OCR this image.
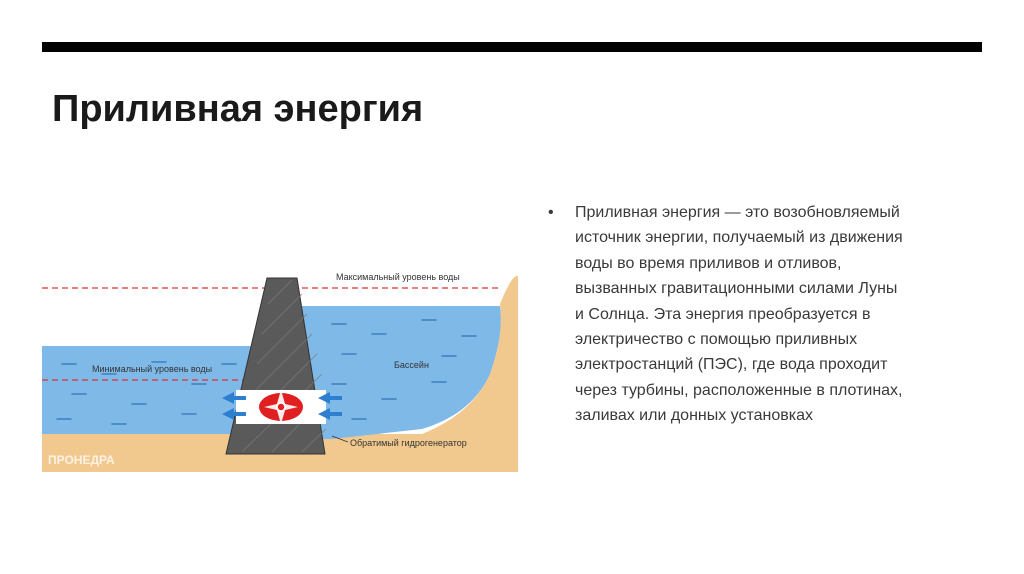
Приливная энергия
Максимальный уровень воды
Минимальный уровень воды	Бассейн
Обратимый гидрогенератор
ПРОНЕДРА
• Приливная энергия — это возобновляемый
источник энергии, получаемый из движения
воды во время приливов и отливов,
вызванных гравитационными силами Луны
и Солнца. Эта энергия преобразуется в
электричество с помощью приливных
электростанций (ПЭС), где вода проходит
через турбины, расположенные в плотинах,
заливах или донных установках
